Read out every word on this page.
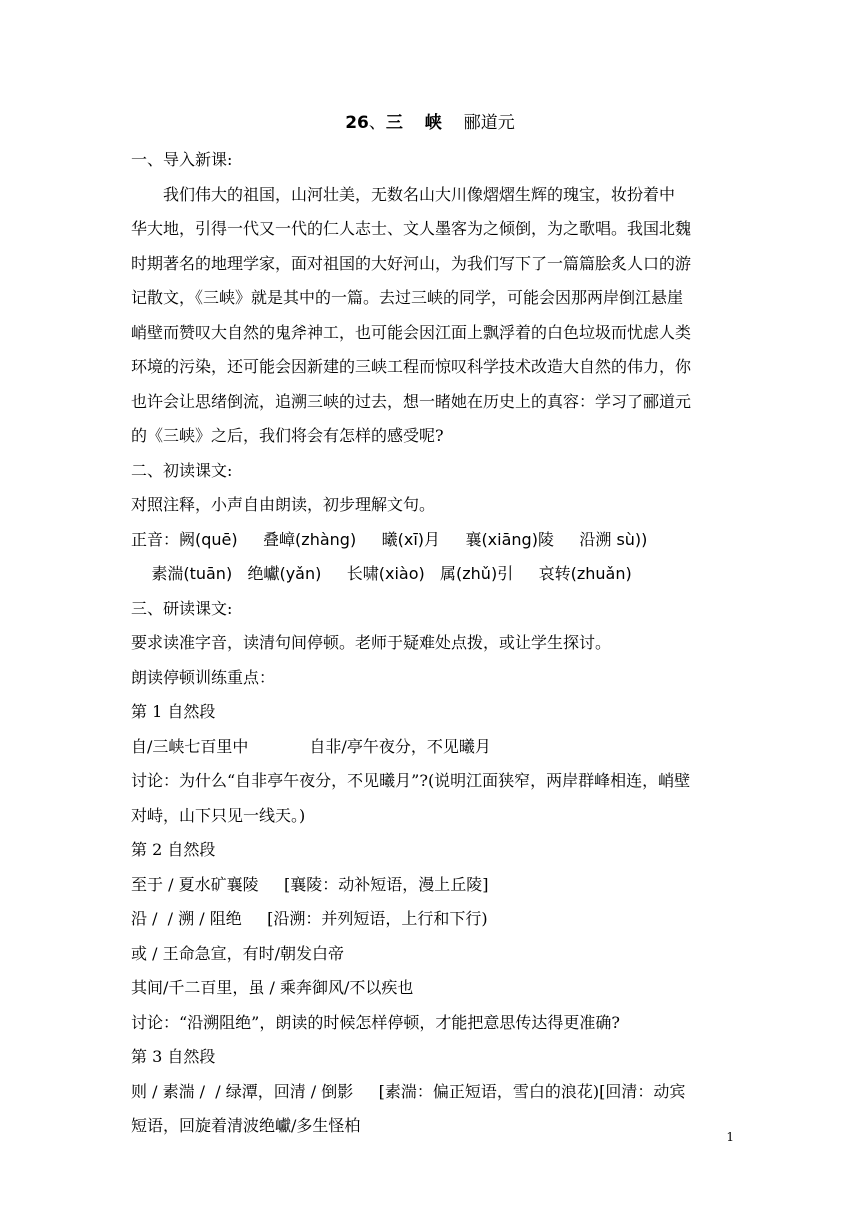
26、三 峡 郦道元
一、导入新课:
我们伟大的祖国，山河壮美，无数名山大川像熠熠生辉的瑰宝，妆扮着中
华大地，引得一代又一代的仁人志士、文人墨客为之倾倒，为之歌唱。我国北魏
时期著名的地理学家，面对祖国的大好河山，为我们写下了一篇篇脍炙人口的游
记散文，《三峡》就是其中的一篇。去过三峡的同学，可能会因那两岸倒江悬崖
峭壁而赞叹大自然的鬼斧神工，也可能会因江面上飘浮着的白色垃圾而忧虑人类
环境的污染，还可能会因新建的三峡工程而惊叹科学技术改造大自然的伟力，你
也许会让思绪倒流，追溯三峡的过去，想一睹她在历史上的真容：学习了郦道元
的《三峡》之后，我们将会有怎样的感受呢?
二、初读课文:
对照注释，小声自由朗读，初步理解文句。
正音：阙(quē)     叠嶂(zhàng)     曦(xī)月     襄(xiāng)陵     沿溯 sù))
素湍(tuān)   绝巘(yǎn)     长啸(xiào)   属(zhǔ)引     哀转(zhuǎn)
三、研读课文:
要求读准字音，读清句间停顿。老师于疑难处点拨，或让学生探讨。
朗读停顿训练重点：
第 1 自然段
自/三峡七百里中            自非/亭午夜分，不见曦月
讨论：为什么“自非亭午夜分，不见曦月”?(说明江面狭窄，两岸群峰相连，峭壁
对峙，山下只见一线天。)
第 2 自然段
至于 / 夏水矿襄陵     [襄陵：动补短语，漫上丘陵]
沿 /  / 溯 / 阻绝     [沿溯：并列短语，上行和下行)
或 / 王命急宣，有时/朝发白帝
其间/千二百里，虽 / 乘奔御风/不以疾也
讨论：“沿溯阻绝”，朗读的时候怎样停顿，才能把意思传达得更准确?
第 3 自然段
则 / 素湍 /  / 绿潭，回清 / 倒影     [素湍：偏正短语，雪白的浪花)[回清：动宾
短语，回旋着清波绝巘/多生怪柏
1
